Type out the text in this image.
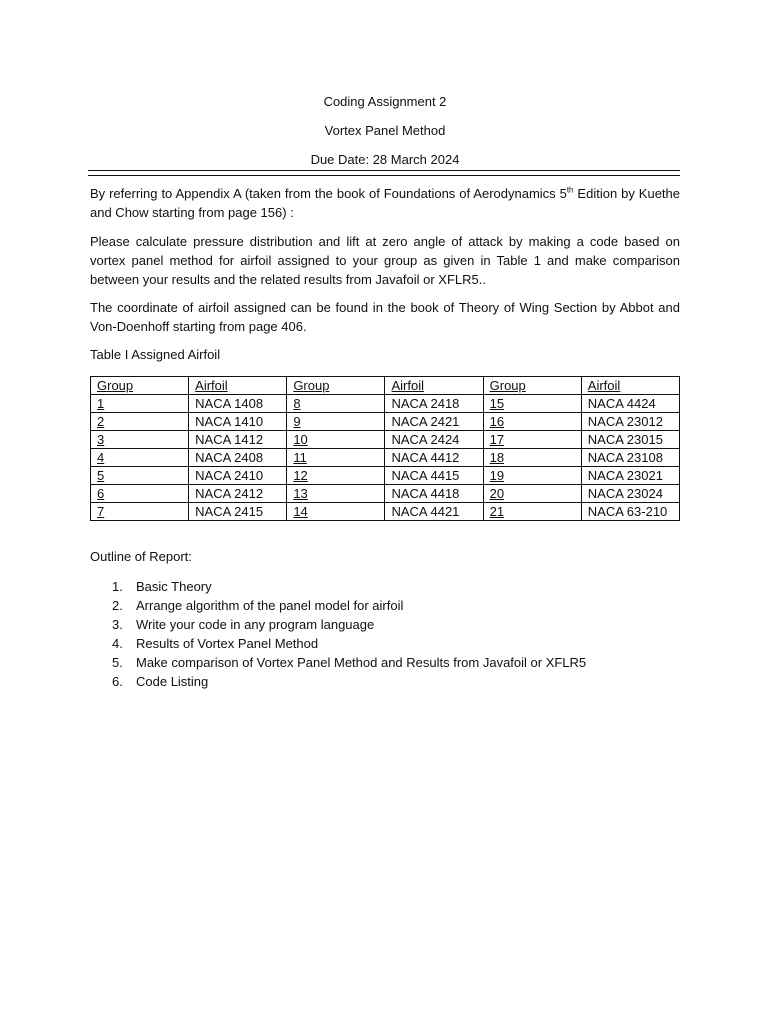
Coding Assignment 2
Vortex Panel Method
Due Date: 28 March 2024
By referring to Appendix A (taken from the book of Foundations of Aerodynamics 5th Edition by Kuethe and Chow starting from page 156) :
Please calculate pressure distribution and lift at zero angle of attack by making a code based on vortex panel method for airfoil assigned to your group as given in Table 1 and make comparison between your results and the related results from Javafoil or XFLR5..
The coordinate of airfoil assigned can be found in the book of Theory of Wing Section by Abbot and Von-Doenhoff starting from page 406.
Table I Assigned Airfoil
Group	Airfoil	Group	Airfoil	Group	Airfoil
1	NACA 1408	8	NACA 2418	15	NACA 4424
2	NACA 1410	9	NACA 2421	16	NACA 23012
3	NACA 1412	10	NACA 2424	17	NACA 23015
4	NACA 2408	11	NACA 4412	18	NACA 23108
5	NACA 2410	12	NACA 4415	19	NACA 23021
6	NACA 2412	13	NACA 4418	20	NACA 23024
7	NACA 2415	14	NACA 4421	21	NACA 63-210
Outline of Report:
1.	Basic Theory
2.	Arrange algorithm of the panel model for airfoil
3.	Write your code in any program language
4.	Results of Vortex Panel Method
5.	Make comparison of Vortex Panel Method and Results from Javafoil or XFLR5
6.	Code Listing
